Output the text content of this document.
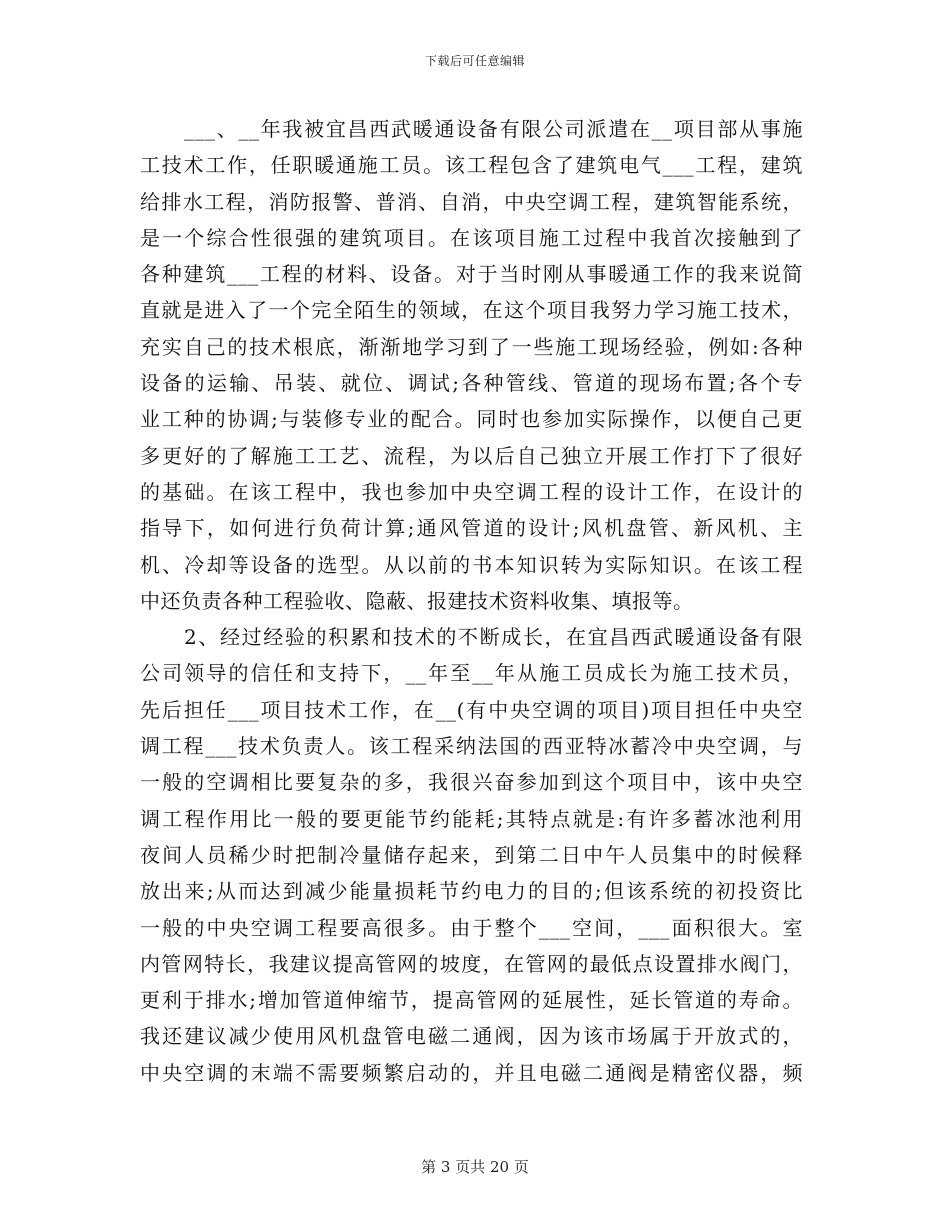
下载后可任意编辑
___、__年我被宜昌西武暖通设备有限公司派遣在__项目部从事施
工技术工作，任职暖通施工员。该工程包含了建筑电气___工程，建筑
给排水工程，消防报警、普消、自消，中央空调工程，建筑智能系统，
是一个综合性很强的建筑项目。在该项目施工过程中我首次接触到了
各种建筑___工程的材料、设备。对于当时刚从事暖通工作的我来说简
直就是进入了一个完全陌生的领域，在这个项目我努力学习施工技术，
充实自己的技术根底，渐渐地学习到了一些施工现场经验，例如:各种
设备的运输、吊装、就位、调试;各种管线、管道的现场布置;各个专
业工种的协调;与装修专业的配合。同时也参加实际操作，以便自己更
多更好的了解施工工艺、流程，为以后自己独立开展工作打下了很好
的基础。在该工程中，我也参加中央空调工程的设计工作，在设计的
指导下，如何进行负荷计算;通风管道的设计;风机盘管、新风机、主
机、冷却等设备的选型。从以前的书本知识转为实际知识。在该工程
中还负责各种工程验收、隐蔽、报建技术资料收集、填报等。
2、经过经验的积累和技术的不断成长，在宜昌西武暖通设备有限
公司领导的信任和支持下，__年至__年从施工员成长为施工技术员，
先后担任___项目技术工作，在__(有中央空调的项目)项目担任中央空
调工程___技术负责人。该工程采纳法国的西亚特冰蓄冷中央空调，与
一般的空调相比要复杂的多，我很兴奋参加到这个项目中，该中央空
调工程作用比一般的要更能节约能耗;其特点就是:有许多蓄冰池利用
夜间人员稀少时把制冷量储存起来，到第二日中午人员集中的时候释
放出来;从而达到减少能量损耗节约电力的目的;但该系统的初投资比
一般的中央空调工程要高很多。由于整个___空间，___面积很大。室
内管网特长，我建议提高管网的坡度，在管网的最低点设置排水阀门，
更利于排水;增加管道伸缩节，提高管网的延展性，延长管道的寿命。
我还建议减少使用风机盘管电磁二通阀，因为该市场属于开放式的，
中央空调的末端不需要频繁启动的，并且电磁二通阀是精密仪器，频
第 3 页共 20 页
